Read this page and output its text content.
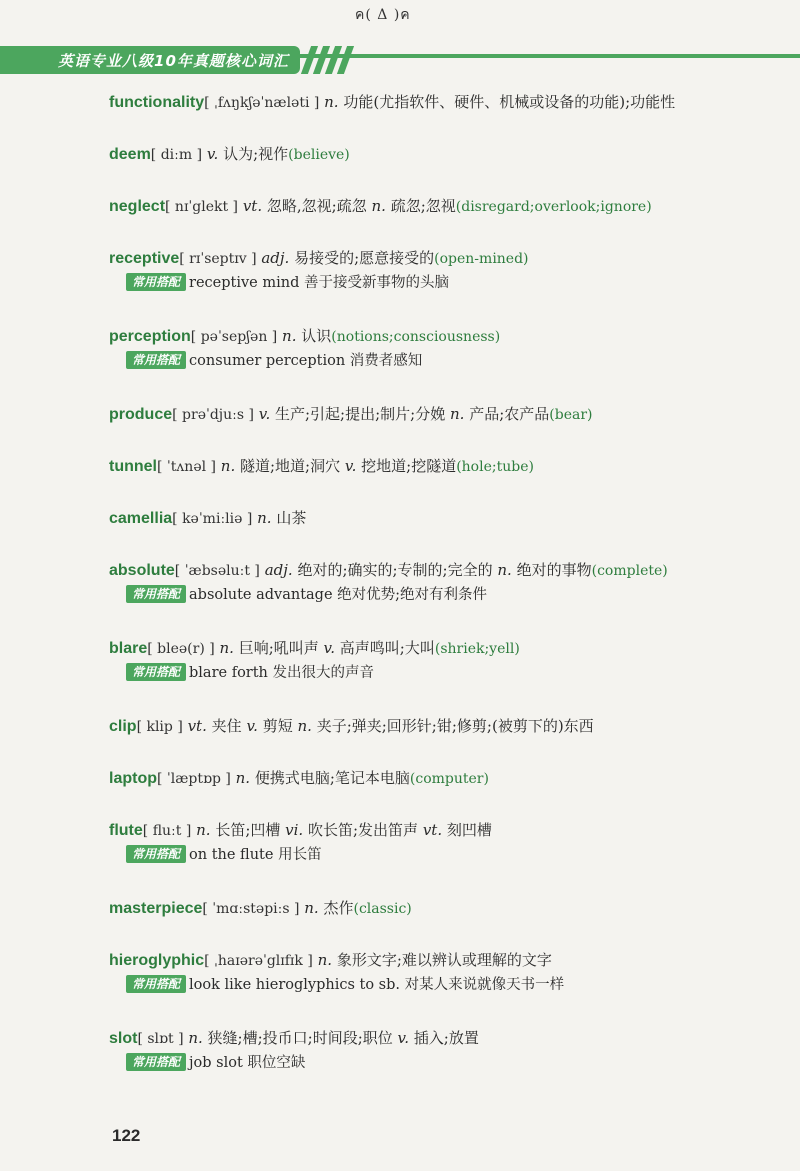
ค( Δ )ค
英语专业八级10年真题核心词汇
functionality[ ˌfʌŋkʃəˈnæləti ] n. 功能(尤指软件、硬件、机械或设备的功能);功能性
deem[ diːm ] v. 认为;视作(believe)
neglect[ nɪˈglekt ] vt. 忽略,忽视;疏忽 n. 疏忽;忽视(disregard;overlook;ignore)
receptive[ rɪˈseptɪv ] adj. 易接受的;愿意接受的(open-mined)
常用搭配 receptive mind 善于接受新事物的头脑
perception[ pəˈsepʃən ] n. 认识(notions;consciousness)
常用搭配 consumer perception 消费者感知
produce[ prəˈdjuːs ] v. 生产;引起;提出;制片;分娩 n. 产品;农产品(bear)
tunnel[ ˈtʌnəl ] n. 隧道;地道;洞穴 v. 挖地道;挖隧道(hole;tube)
camellia[ kəˈmiːliə ] n. 山茶
absolute[ ˈæbsəluːt ] adj. 绝对的;确实的;专制的;完全的 n. 绝对的事物(complete)
常用搭配 absolute advantage 绝对优势;绝对有利条件
blare[ bleə(r) ] n. 巨响;吼叫声 v. 高声鸣叫;大叫(shriek;yell)
常用搭配 blare forth 发出很大的声音
clip[ klip ] vt. 夹住 v. 剪短 n. 夹子;弹夹;回形针;钳;修剪;(被剪下的)东西
laptop[ ˈlæptɒp ] n. 便携式电脑;笔记本电脑(computer)
flute[ fluːt ] n. 长笛;凹槽 vi. 吹长笛;发出笛声 vt. 刻凹槽
常用搭配 on the flute 用长笛
masterpiece[ ˈmɑːstəpiːs ] n. 杰作(classic)
hieroglyphic[ ˌhaɪərəˈglɪfɪk ] n. 象形文字;难以辨认或理解的文字
常用搭配 look like hieroglyphics to sb. 对某人来说就像天书一样
slot[ slɒt ] n. 狭缝;槽;投币口;时间段;职位 v. 插入;放置
常用搭配 job slot 职位空缺
122
